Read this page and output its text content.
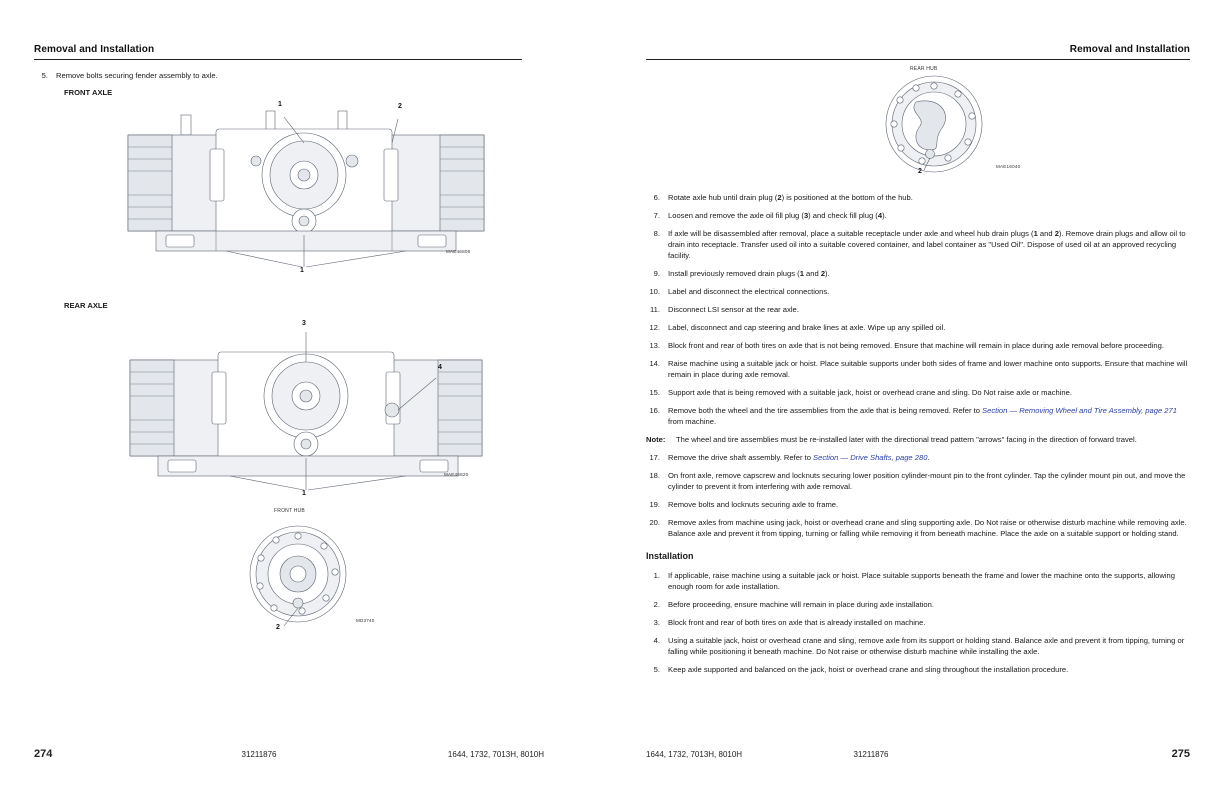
Removal and Installation
5.	Remove bolts securing fender assembly to axle.
FRONT AXLE
1	2
1
MAE46808
REAR AXLE
3
4
1
MAE46820
FRONT HUB
2
MD3740
274	31211876	1644, 1732, 7013H, 8010H
Removal and Installation
REAR HUB
2
MAE16040
6.	Rotate axle hub until drain plug (2) is positioned at the bottom of the hub.
7.	Loosen and remove the axle oil fill plug (3) and check fill plug (4).
8.	If axle will be disassembled after removal, place a suitable receptacle under axle and wheel hub drain plugs (1 and 2). Remove drain plugs and allow oil to drain into receptacle. Transfer used oil into a suitable covered container, and label container as "Used Oil". Dispose of used oil at an approved recycling facility.
9.	Install previously removed drain plugs (1 and 2).
10.	Label and disconnect the electrical connections.
11.	Disconnect LSI sensor at the rear axle.
12.	Label, disconnect and cap steering and brake lines at axle. Wipe up any spilled oil.
13.	Block front and rear of both tires on axle that is not being removed. Ensure that machine will remain in place during axle removal before proceeding.
14.	Raise machine using a suitable jack or hoist. Place suitable supports under both sides of frame and lower machine onto supports. Ensure that machine will remain in place during axle removal.
15.	Support axle that is being removed with a suitable jack, hoist or overhead crane and sling. Do Not raise axle or machine.
16.	Remove both the wheel and the tire assemblies from the axle that is being removed. Refer to Section — Removing Wheel and Tire Assembly, page 271 from machine.
Note:	The wheel and tire assemblies must be re-installed later with the directional tread pattern "arrows" facing in the direction of forward travel.
17.	Remove the drive shaft assembly. Refer to Section — Drive Shafts, page 280.
18.	On front axle, remove capscrew and locknuts securing lower position cylinder-mount pin to the front cylinder. Tap the cylinder mount pin out, and move the cylinder to prevent it from interfering with axle removal.
19.	Remove bolts and locknuts securing axle to frame.
20.	Remove axles from machine using jack, hoist or overhead crane and sling supporting axle. Do Not raise or otherwise disturb machine while removing axle. Balance axle and prevent it from tipping, turning or falling while removing it from beneath machine. Place the axle on a suitable support or holding stand.
Installation
1.	If applicable, raise machine using a suitable jack or hoist. Place suitable supports beneath the frame and lower the machine onto the supports, allowing enough room for axle installation.
2.	Before proceeding, ensure machine will remain in place during axle installation.
3.	Block front and rear of both tires on axle that is already installed on machine.
4.	Using a suitable jack, hoist or overhead crane and sling, remove axle from its support or holding stand. Balance axle and prevent it from tipping, turning or falling while positioning it beneath machine. Do Not raise or otherwise disturb machine while installing the axle.
5.	Keep axle supported and balanced on the jack, hoist or overhead crane and sling throughout the installation procedure.
1644, 1732, 7013H, 8010H	31211876	275
